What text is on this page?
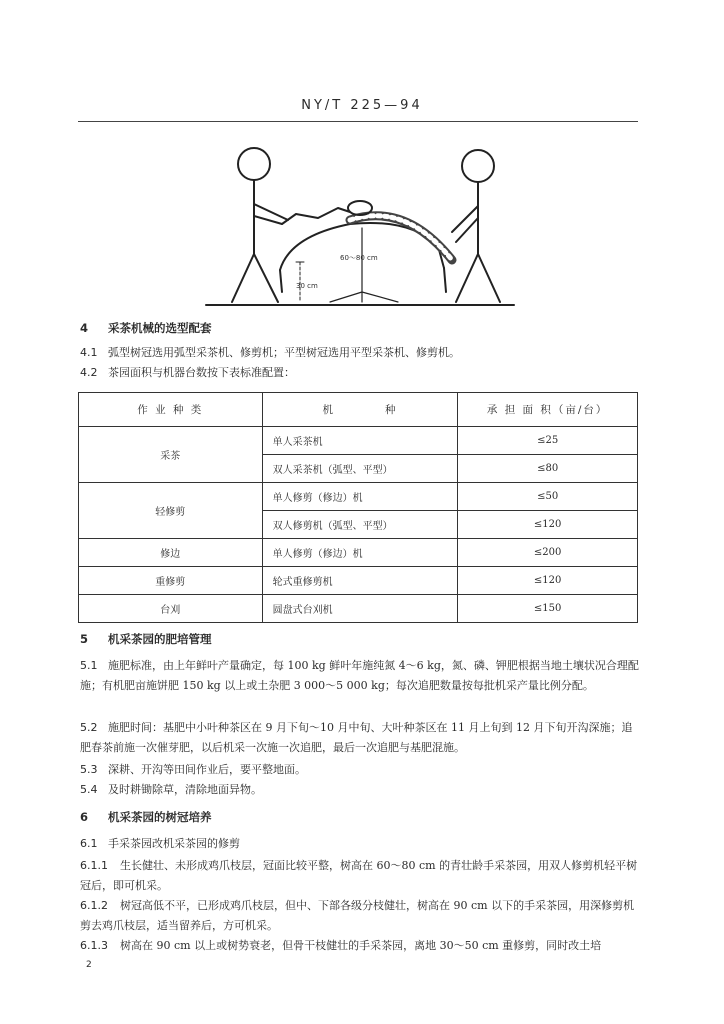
NY/T 225—94
60～80 cm
30 cm
4 采茶机械的选型配套
4.1 弧型树冠选用弧型采茶机、修剪机；平型树冠选用平型采茶机、修剪机。
4.2 茶园面积与机器台数按下表标准配置：
作 业 种 类	机　　　　种	承 担 面 积（亩/台）
采茶	单人采茶机	≤25
	双人采茶机（弧型、平型）	≤80
轻修剪	单人修剪（修边）机	≤50
	双人修剪机（弧型、平型）	≤120
修边	单人修剪（修边）机	≤200
重修剪	轮式重修剪机	≤120
台刈	圆盘式台刈机	≤150
5 机采茶园的肥培管理
5.1 施肥标准，由上年鲜叶产量确定，每 100 kg 鲜叶年施纯氮 4～6 kg，氮、磷、钾肥根据当地土壤状况合理配施；有机肥亩施饼肥 150 kg 以上或土杂肥 3 000～5 000 kg；每次追肥数量按每批机采产量比例分配。
5.2 施肥时间：基肥中小叶种茶区在 9 月下旬～10 月中旬、大叶种茶区在 11 月上旬到 12 月下旬开沟深施；追肥春茶前施一次催芽肥，以后机采一次施一次追肥，最后一次追肥与基肥混施。
5.3 深耕、开沟等田间作业后，要平整地面。
5.4 及时耕锄除草，清除地面异物。
6 机采茶园的树冠培养
6.1 手采茶园改机采茶园的修剪
6.1.1 生长健壮、未形成鸡爪枝层，冠面比较平整，树高在 60～80 cm 的青壮龄手采茶园，用双人修剪机轻平树冠后，即可机采。
6.1.2 树冠高低不平，已形成鸡爪枝层，但中、下部各级分枝健壮，树高在 90 cm 以下的手采茶园，用深修剪机剪去鸡爪枝层，适当留养后，方可机采。
6.1.3 树高在 90 cm 以上或树势衰老，但骨干枝健壮的手采茶园，离地 30～50 cm 重修剪，同时改土培
2
